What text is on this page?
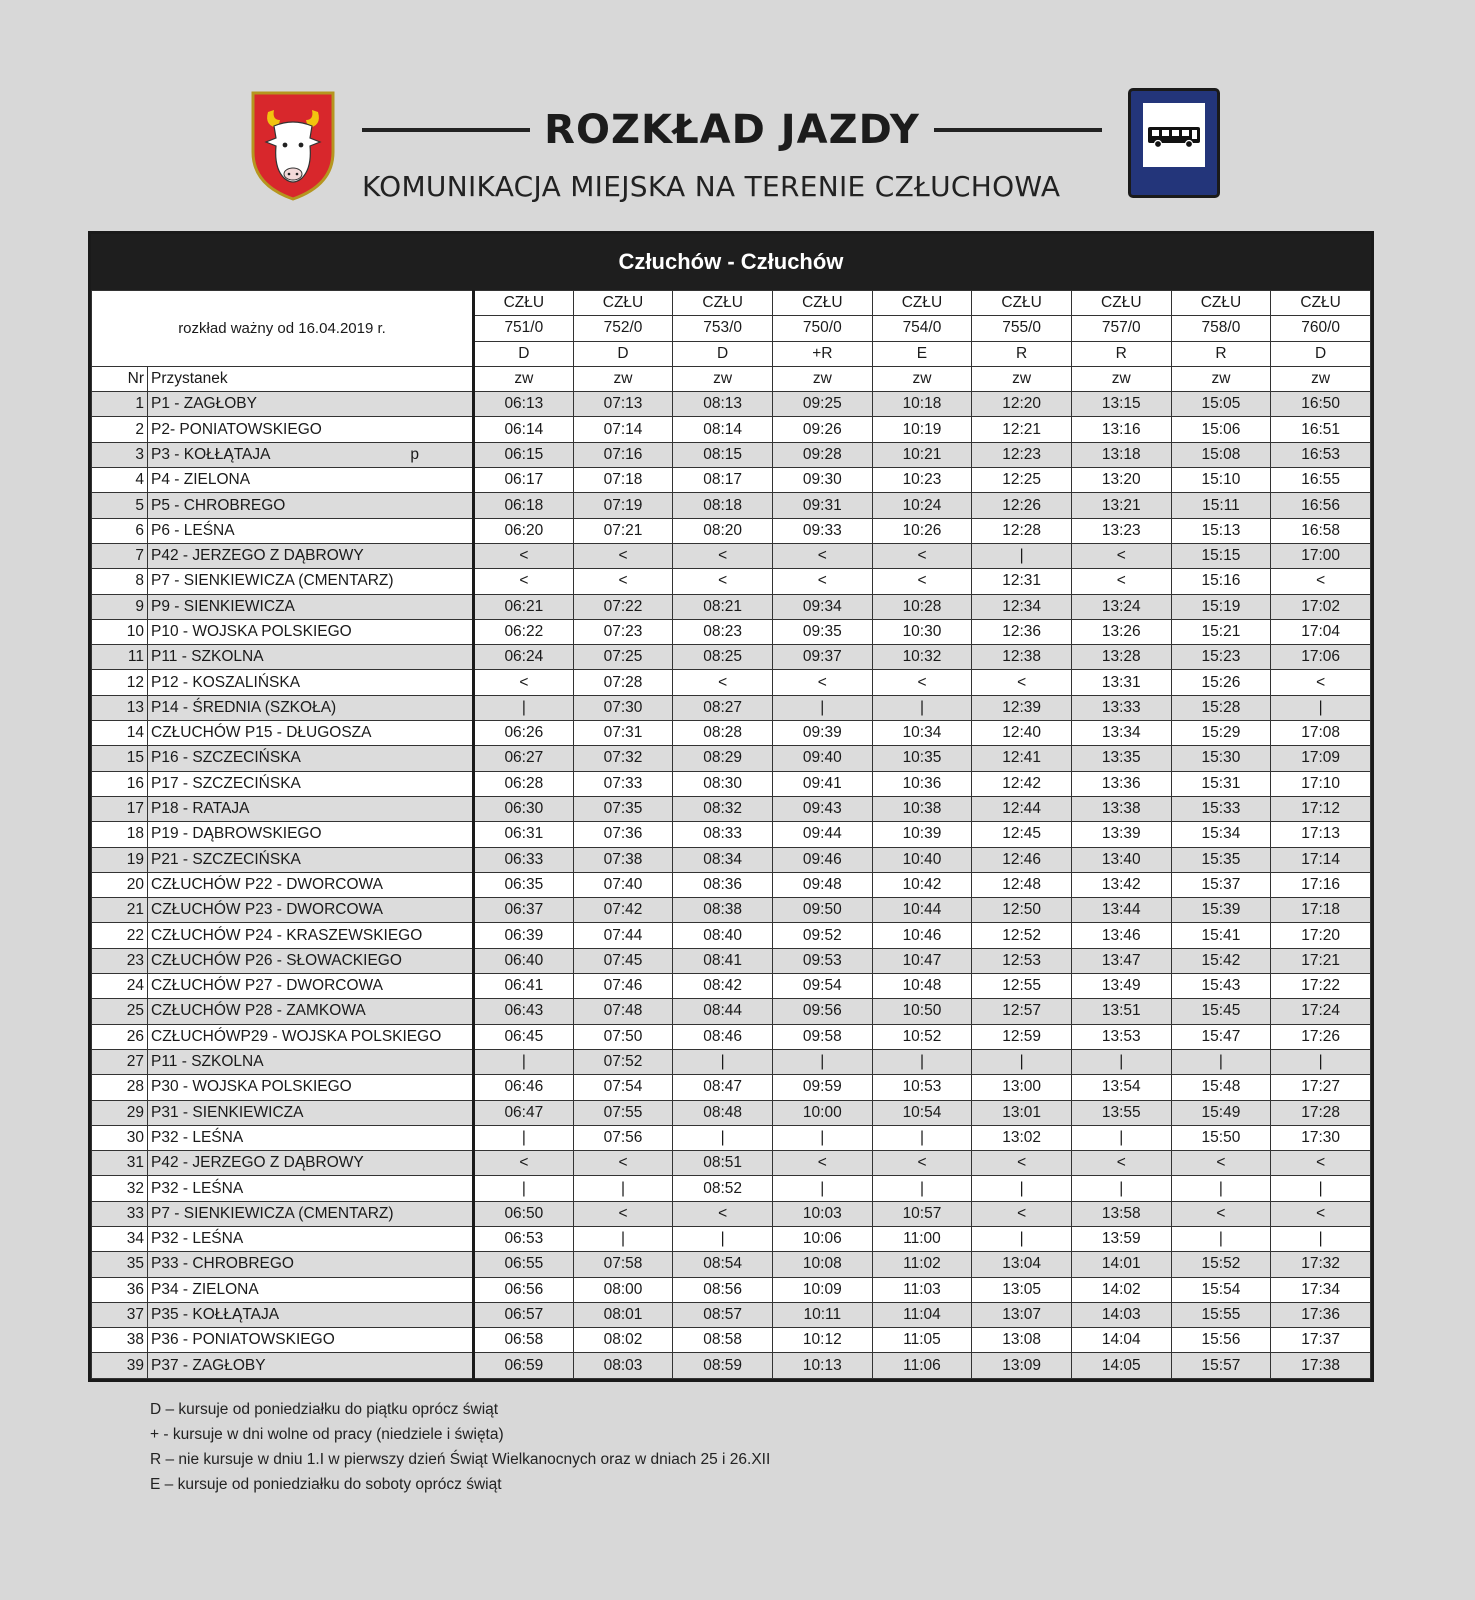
ROZKŁAD JAZDY
KOMUNIKACJA MIEJSKA NA TERENIE CZŁUCHOWA
Człuchów - Człuchów
rozkład ważny od 16.04.2019 r.		CZŁU	CZŁU	CZŁU	CZŁU	CZŁU	CZŁU	CZŁU	CZŁU	CZŁU
		751/0	752/0	753/0	750/0	754/0	755/0	757/0	758/0	760/0
		D	D	D	+R	E	R	R	R	D
Nr	Przystanek	zw	zw	zw	zw	zw	zw	zw	zw	zw
1	P1 - ZAGŁOBY	06:13	07:13	08:13	09:25	10:18	12:20	13:15	15:05	16:50
2	P2- PONIATOWSKIEGO	06:14	07:14	08:14	09:26	10:19	12:21	13:16	15:06	16:51
3	P3 - KOŁŁĄTAJA p	06:15	07:16	08:15	09:28	10:21	12:23	13:18	15:08	16:53
4	P4 - ZIELONA	06:17	07:18	08:17	09:30	10:23	12:25	13:20	15:10	16:55
5	P5 - CHROBREGO	06:18	07:19	08:18	09:31	10:24	12:26	13:21	15:11	16:56
6	P6 - LEŚNA	06:20	07:21	08:20	09:33	10:26	12:28	13:23	15:13	16:58
7	P42 - JERZEGO Z DĄBROWY	<	<	<	<	<	|	<	15:15	17:00
8	P7 - SIENKIEWICZA (CMENTARZ)	<	<	<	<	<	12:31	<	15:16	<
9	P9 - SIENKIEWICZA	06:21	07:22	08:21	09:34	10:28	12:34	13:24	15:19	17:02
10	P10 - WOJSKA POLSKIEGO	06:22	07:23	08:23	09:35	10:30	12:36	13:26	15:21	17:04
11	P11 - SZKOLNA	06:24	07:25	08:25	09:37	10:32	12:38	13:28	15:23	17:06
12	P12 - KOSZALIŃSKA	<	07:28	<	<	<	<	13:31	15:26	<
13	P14 - ŚREDNIA (SZKOŁA)	|	07:30	08:27	|	|	12:39	13:33	15:28	|
14	CZŁUCHÓW P15 - DŁUGOSZA	06:26	07:31	08:28	09:39	10:34	12:40	13:34	15:29	17:08
15	P16 - SZCZECIŃSKA	06:27	07:32	08:29	09:40	10:35	12:41	13:35	15:30	17:09
16	P17 - SZCZECIŃSKA	06:28	07:33	08:30	09:41	10:36	12:42	13:36	15:31	17:10
17	P18 - RATAJA	06:30	07:35	08:32	09:43	10:38	12:44	13:38	15:33	17:12
18	P19 - DĄBROWSKIEGO	06:31	07:36	08:33	09:44	10:39	12:45	13:39	15:34	17:13
19	P21 - SZCZECIŃSKA	06:33	07:38	08:34	09:46	10:40	12:46	13:40	15:35	17:14
20	CZŁUCHÓW P22 - DWORCOWA	06:35	07:40	08:36	09:48	10:42	12:48	13:42	15:37	17:16
21	CZŁUCHÓW P23 - DWORCOWA	06:37	07:42	08:38	09:50	10:44	12:50	13:44	15:39	17:18
22	CZŁUCHÓW P24 - KRASZEWSKIEGO	06:39	07:44	08:40	09:52	10:46	12:52	13:46	15:41	17:20
23	CZŁUCHÓW P26 - SŁOWACKIEGO	06:40	07:45	08:41	09:53	10:47	12:53	13:47	15:42	17:21
24	CZŁUCHÓW P27 - DWORCOWA	06:41	07:46	08:42	09:54	10:48	12:55	13:49	15:43	17:22
25	CZŁUCHÓW P28 - ZAMKOWA	06:43	07:48	08:44	09:56	10:50	12:57	13:51	15:45	17:24
26	CZŁUCHÓWP29 - WOJSKA POLSKIEGO	06:45	07:50	08:46	09:58	10:52	12:59	13:53	15:47	17:26
27	P11 - SZKOLNA	|	07:52	|	|	|	|	|	|	|
28	P30 - WOJSKA POLSKIEGO	06:46	07:54	08:47	09:59	10:53	13:00	13:54	15:48	17:27
29	P31 - SIENKIEWICZA	06:47	07:55	08:48	10:00	10:54	13:01	13:55	15:49	17:28
30	P32 - LEŚNA	|	07:56	|	|	|	13:02	|	15:50	17:30
31	P42 - JERZEGO Z DĄBROWY	<	<	08:51	<	<	<	<	<	<
32	P32 - LEŚNA	|	|	08:52	|	|	|	|	|	|
33	P7 - SIENKIEWICZA (CMENTARZ)	06:50	<	<	10:03	10:57	<	13:58	<	<
34	P32 - LEŚNA	06:53	|	|	10:06	11:00	|	13:59	|	|
35	P33 - CHROBREGO	06:55	07:58	08:54	10:08	11:02	13:04	14:01	15:52	17:32
36	P34 - ZIELONA	06:56	08:00	08:56	10:09	11:03	13:05	14:02	15:54	17:34
37	P35 - KOŁŁĄTAJA	06:57	08:01	08:57	10:11	11:04	13:07	14:03	15:55	17:36
38	P36 - PONIATOWSKIEGO	06:58	08:02	08:58	10:12	11:05	13:08	14:04	15:56	17:37
39	P37 - ZAGŁOBY	06:59	08:03	08:59	10:13	11:06	13:09	14:05	15:57	17:38
D – kursuje od poniedziałku do piątku oprócz świąt
+ - kursuje w dni wolne od pracy (niedziele i święta)
R – nie kursuje w dniu 1.I w pierwszy dzień Świąt Wielkanocnych oraz w dniach 25 i 26.XII
E – kursuje od poniedziałku do soboty oprócz świąt
